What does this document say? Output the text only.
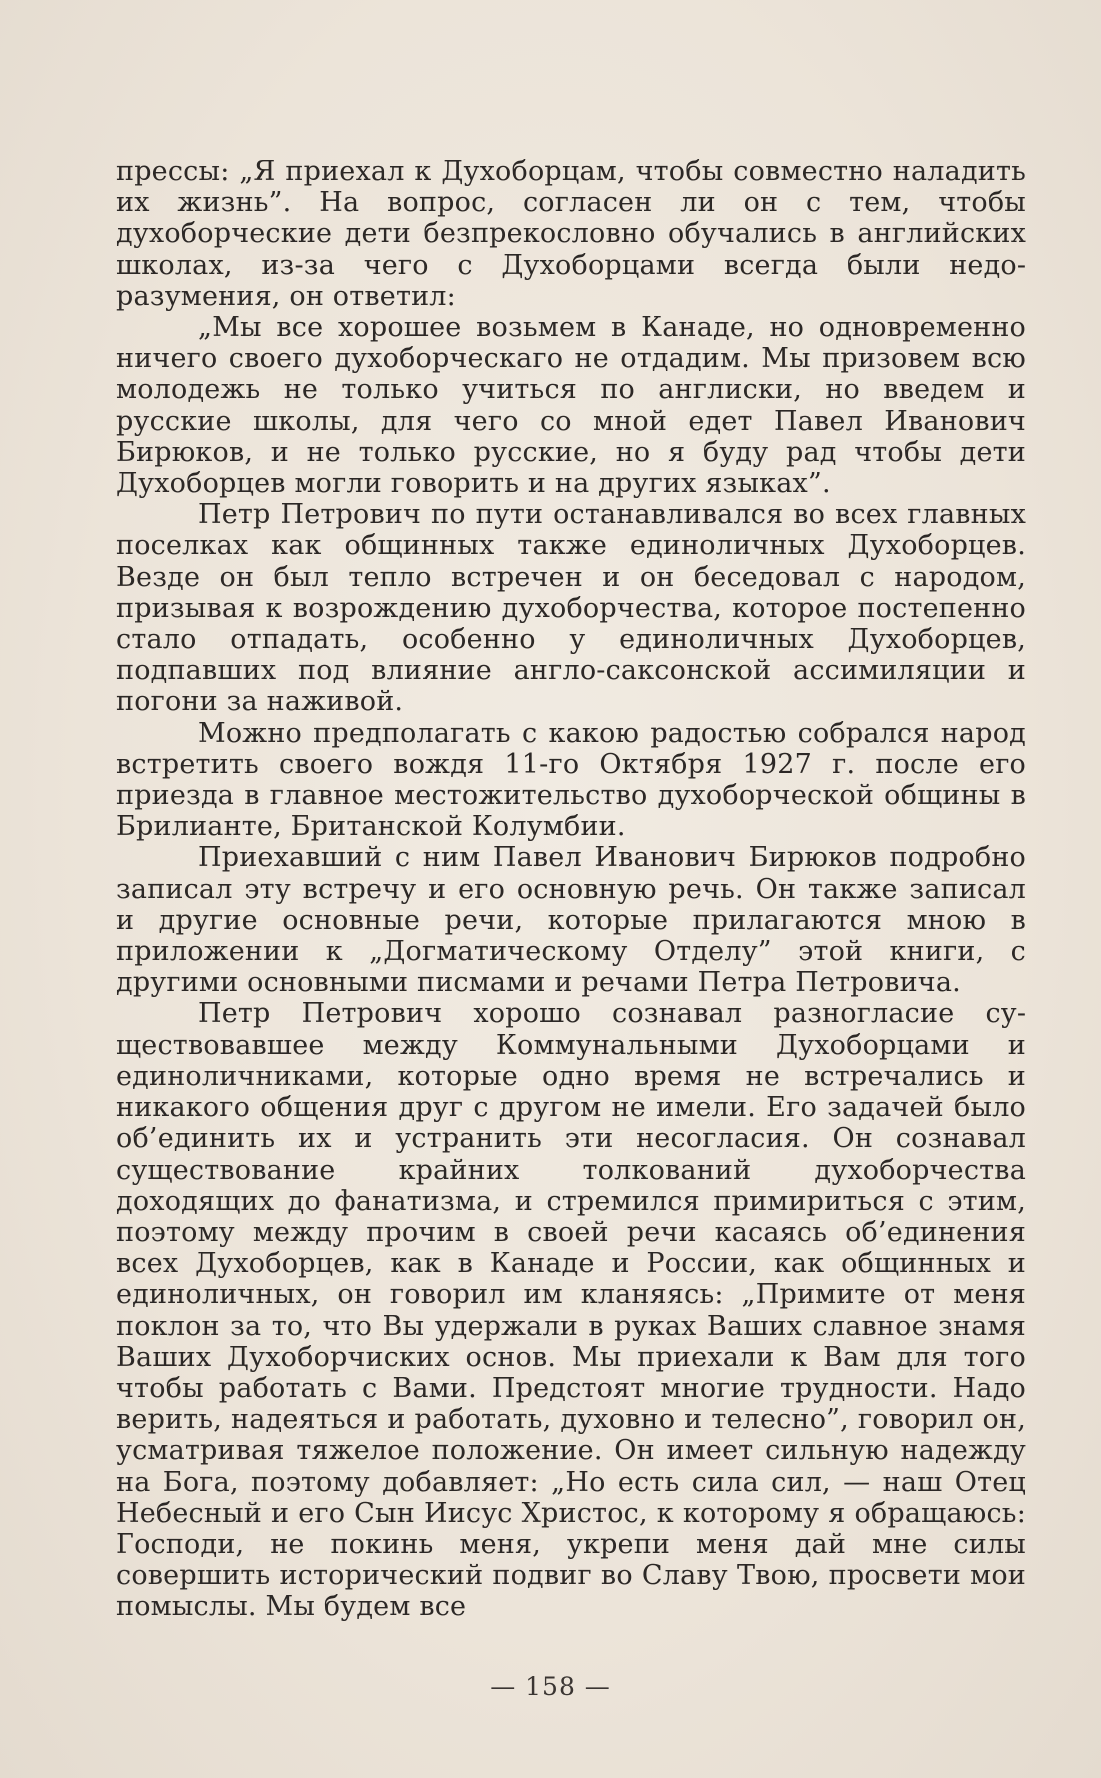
прессы: „Я приехал к Духоборцам, чтобы совместно наладить их жизнь”. На вопрос, согласен ли он с тем, чтобы духоборческие дети безпрекословно обучались в английских школах, из-за чего с Духоборцами всегда были недоразумения, он ответил:

„Мы все хорошее возьмем в Канаде, но одновременно ничего своего духоборческаго не отдадим. Мы призовем всю молодежь не только учиться по англиски, но введем и русские школы, для чего со мной едет Павел Иванович Бирюков, и не только русские, но я буду рад чтобы дети Духоборцев могли говорить и на других языках”.

Петр Петрович по пути останавливался во всех главных поселках как общинных также единоличных Духоборцев. Везде он был тепло встречен и он беседовал с народом, призывая к возрождению духоборчества, которое постепенно стало отпадать, особенно у единоличных Духоборцев, подпавших под влияние англо-саксонской ассимиляции и погони за наживой.

Можно предполагать с какою радостью собрался народ встретить своего вождя 11-го Октября 1927 г. после его приезда в главное местожительство духоборческой общины в Брилианте, Британской Колумбии.

Приехавший с ним Павел Иванович Бирюков подробно записал эту встречу и его основную речь. Он также записал и другие основные речи, которые прилагаются мною в приложении к „Догматическому Отделу” этой книги, с другими основными писмами и речами Петра Петровича.

Петр Петрович хорошо сознавал разногласие существовавшее между Коммунальными Духоборцами и единоличниками, которые одно время не встречались и никакого общения друг с другом не имели. Его задачей было об’единить их и устранить эти несогласия. Он сознавал существование крайних толкований духоборчества доходящих до фанатизма, и стремился примириться с этим, поэтому между прочим в своей речи касаясь об’единения всех Духоборцев, как в Канаде и России, как общинных и единоличных, он говорил им кланяясь: „Примите от меня поклон за то, что Вы удержали в руках Ваших славное знамя Ваших Духоборчиских основ. Мы приехали к Вам для того чтобы работать с Вами. Предстоят многие трудности. Надо верить, надеяться и работать, духовно и телесно”, говорил он, усматривая тяжелое положение. Он имеет сильную надежду на Бога, поэтому добавляет: „Но есть сила сил, — наш Отец Небесный и его Сын Иисус Христос, к которому я обращаюсь: Господи, не покинь меня, укрепи меня дай мне силы совершить исторический подвиг во Славу Твою, просвети мои помыслы. Мы будем все

— 158 —
